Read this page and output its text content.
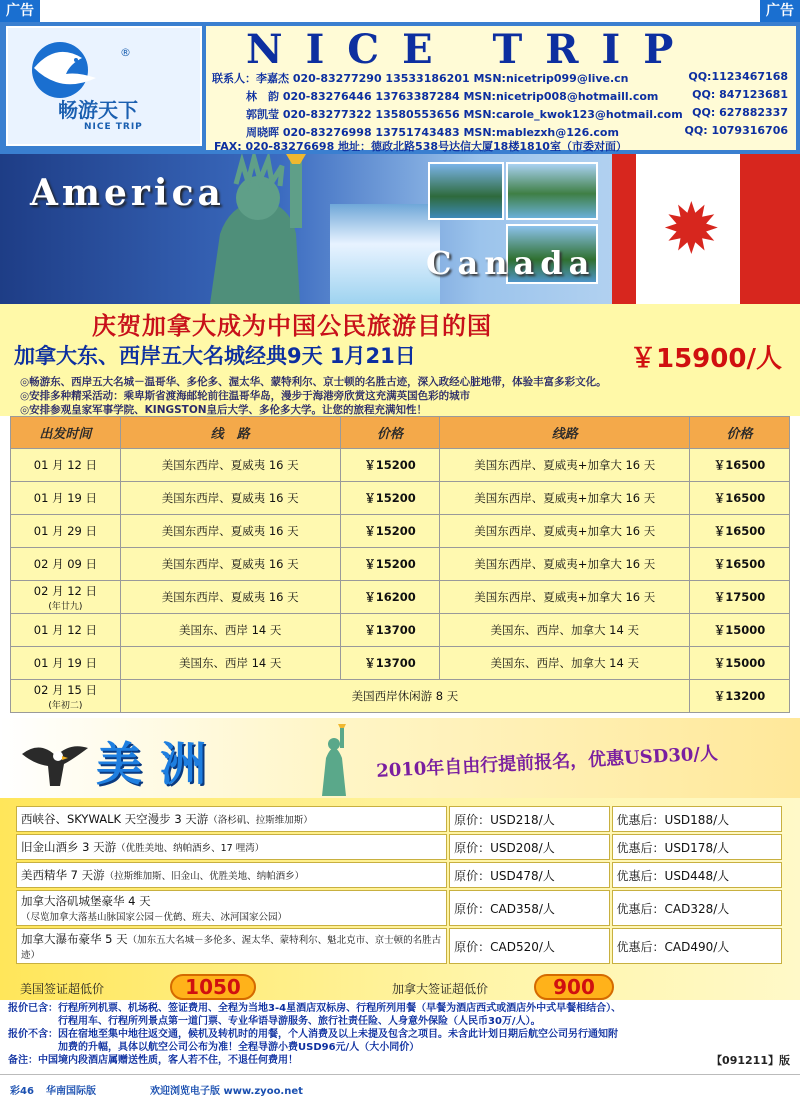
广告	广告
®
畅游天下
NICE TRIP
NICE TRIP
联系人：李嘉杰 020-83277290 13533186201 MSN:nicetrip099@live.cn	QQ:1123467168
林　韵 020-83276446 13763387284 MSN:nicetrip008@hotmaill.com	QQ: 847123681
郭凯莹 020-83277322 13580553656 MSN:carole_kwok123@hotmail.com QQ: 627882337
周晓晖 020-83276998 13751743483 MSN:mablezxh@126.com	QQ: 1079316706
FAX: 020-83276698 地址：德政北路538号达信大厦18楼1810室（市委对面）
✹
America
Canada
庆贺加拿大成为中国公民旅游目的国
加拿大东、西岸五大名城经典9天 1月21日	￥15900/人
◎畅游东、西岸五大名城－温哥华、多伦多、渥太华、蒙特利尔、京士顿的名胜古迹，深入政经心脏地带，体验丰富多彩文化。
◎安排多种精采活动：乘卑斯省渡海邮轮前往温哥华岛，漫步于海港旁欣赏这充满英国色彩的城市
◎安排参观皇家军事学院、KINGSTON皇后大学、多伦多大学。让您的旅程充满知性！
出发时间	线　路	价格	线路	价格
01 月 12 日	美国东西岸、夏威夷 16 天	￥15200	美国东西岸、夏威夷+加拿大 16 天	￥16500
01 月 19 日	美国东西岸、夏威夷 16 天	￥15200	美国东西岸、夏威夷+加拿大 16 天	￥16500
01 月 29 日	美国东西岸、夏威夷 16 天	￥15200	美国东西岸、夏威夷+加拿大 16 天	￥16500
02 月 09 日	美国东西岸、夏威夷 16 天	￥15200	美国东西岸、夏威夷+加拿大 16 天	￥16500
02 月 12 日
(年廿九)	美国东西岸、夏威夷 16 天	￥16200	美国东西岸、夏威夷+加拿大 16 天	￥17500
01 月 12 日	美国东、西岸 14 天	￥13700	美国东、西岸、加拿大 14 天	￥15000
01 月 19 日	美国东、西岸 14 天	￥13700	美国东、西岸、加拿大 14 天	￥15000
02 月 15 日
(年初二)	美国西岸休闲游 8 天			￥13200
美洲	2010年自由行提前报名，优惠USD30/人
西峡谷、SKYWALK 天空漫步 3 天游（洛杉矶、拉斯维加斯）	原价：USD218/人	优惠后：USD188/人
旧金山酒乡 3 天游（优胜美地、纳帕酒乡、17 哩湾）	原价：USD208/人	优惠后：USD178/人
美西精华 7 天游（拉斯维加斯、旧金山、优胜美地、纳帕酒乡）	原价：USD478/人	优惠后：USD448/人
加拿大洛矶城堡豪华 4 天
（尽览加拿大落基山脉国家公园－优鹤、班夫、冰河国家公园）	原价：CAD358/人	优惠后：CAD328/人
加拿大瀑布豪华 5 天（加东五大名城－多伦多、渥太华、蒙特利尔、魁北克市、京士顿的名胜古迹）	原价：CAD520/人	优惠后：CAD490/人
美国签证超低价	1050	加拿大签证超低价	900
报价已含：行程所列机票、机场税、签证费用、全程为当地3-4星酒店双标房、行程所列用餐（早餐为酒店西式或酒店外中式早餐相结合）、
　　　　　行程用车、行程所列景点第一道门票、专业华语导游服务、旅行社责任险、人身意外保险（人民币30万/人）。
报价不含：因在宿地至集中地往返交通，候机及转机时的用餐，个人消费及以上未提及包含之项目。未含此计划日期后航空公司另行通知附
　　　　　加费的升幅，具体以航空公司公布为准！全程导游小费USD96元/人（大小同价）
备注：中国境内段酒店属赠送性质，客人若不住，不退任何费用！	【091211】版
彩46 华南国际版	欢迎浏览电子版 www.zyoo.net
